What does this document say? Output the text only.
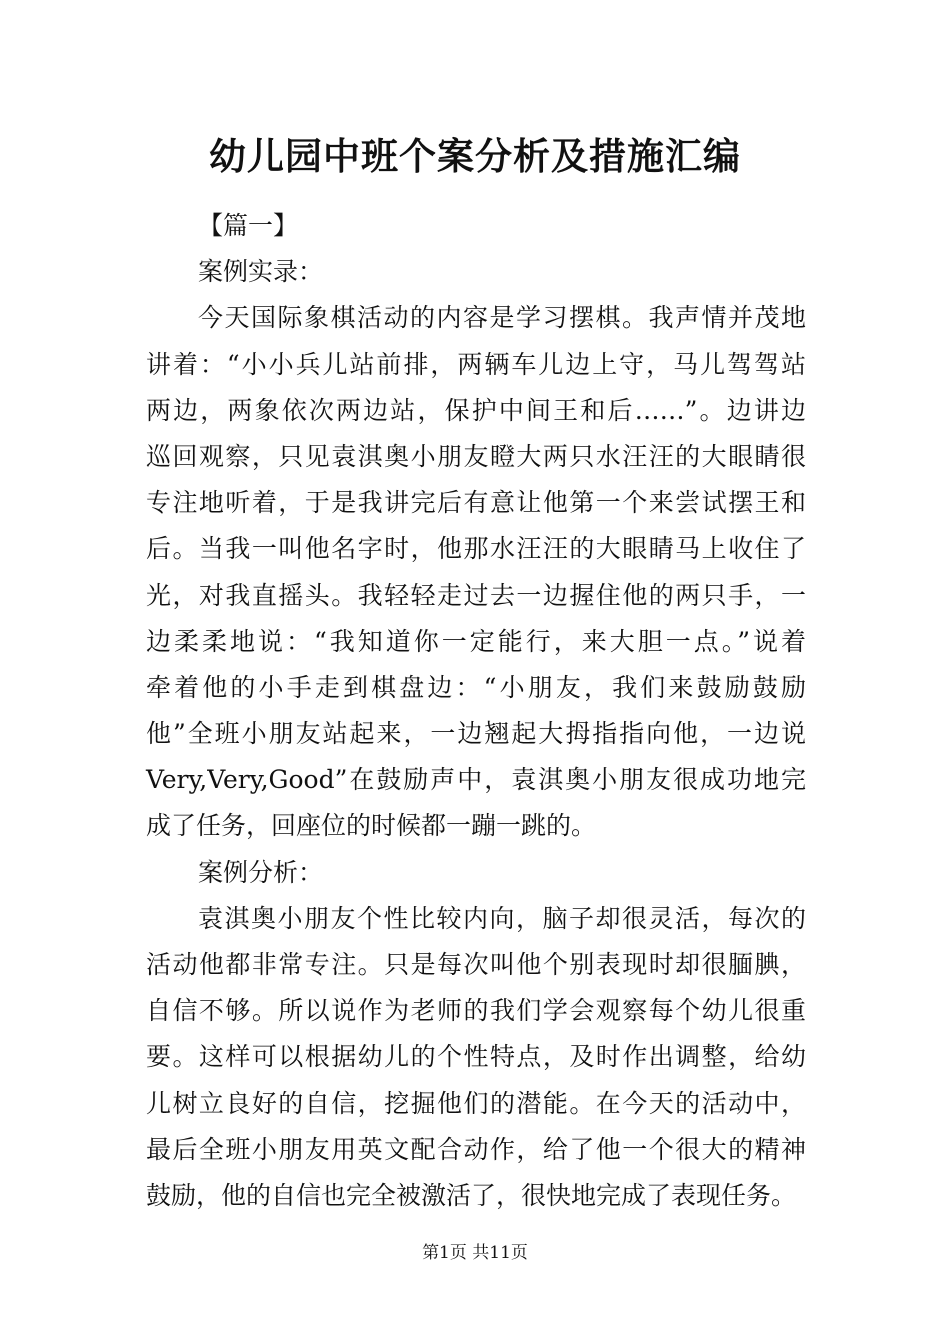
幼儿园中班个案分析及措施汇编
【篇一】
案例实录：
今天国际象棋活动的内容是学习摆棋。我声情并茂地
讲着：“小小兵儿站前排，两辆车儿边上守，马儿驾驾站
两边，两象依次两边站，保护中间王和后……”。边讲边
巡回观察，只见袁淇奥小朋友瞪大两只水汪汪的大眼睛很
专注地听着，于是我讲完后有意让他第一个来尝试摆王和
后。当我一叫他名字时，他那水汪汪的大眼睛马上收住了
光，对我直摇头。我轻轻走过去一边握住他的两只手，一
边柔柔地说：“我知道你一定能行，来大胆一点。”说着
牵着他的小手走到棋盘边：“小朋友，我们来鼓励鼓励
他”全班小朋友站起来，一边翘起大拇指指向他，一边说
Very,Very,Good”在鼓励声中，袁淇奥小朋友很成功地完
成了任务，回座位的时候都一蹦一跳的。
案例分析：
袁淇奥小朋友个性比较内向，脑子却很灵活，每次的
活动他都非常专注。只是每次叫他个别表现时却很腼腆，
自信不够。所以说作为老师的我们学会观察每个幼儿很重
要。这样可以根据幼儿的个性特点，及时作出调整，给幼
儿树立良好的自信，挖掘他们的潜能。在今天的活动中，
最后全班小朋友用英文配合动作，给了他一个很大的精神
鼓励，他的自信也完全被激活了，很快地完成了表现任务。
第1页 共11页
